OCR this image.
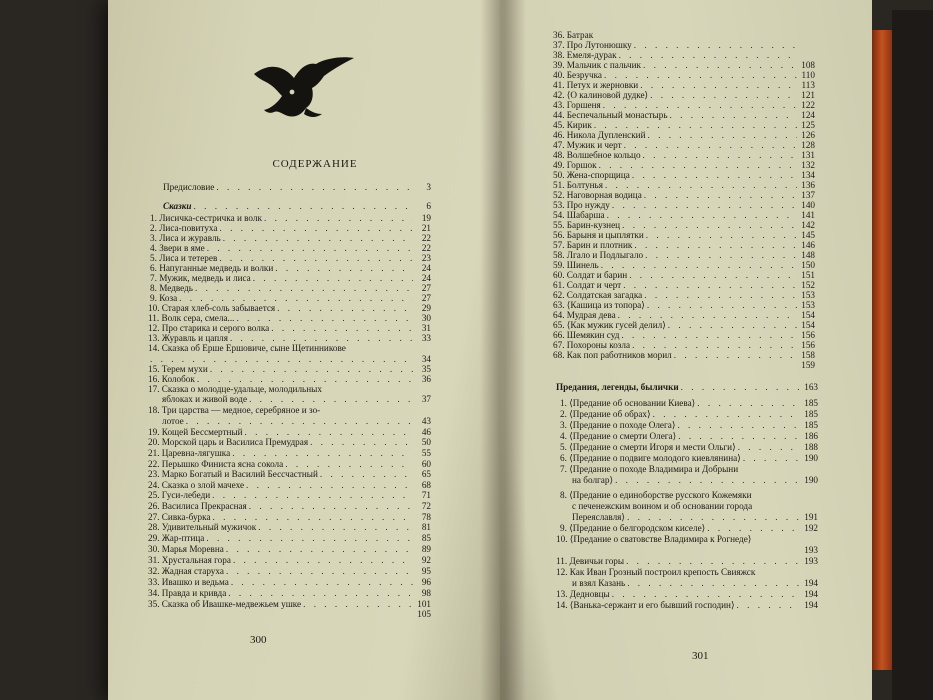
СОДЕРЖАНИЕ
Предисловие . . .	3
Сказки . . .	6
1. Лисичка-сестричка и волк . . .	19
2. Лиса-повитуха . . .	21
3. Лиса и журавль . . .	22
4. Звери в яме . . .	22
5. Лиса и тетерев . . .	23
6. Напуганные медведь и волки . . .	24
7. Мужик, медведь и лиса . . .	24
8. Медведь . . .	27
9. Коза . . .	27
10. Старая хлеб-соль забывается . . .	29
11. Волк сера, смела... . . .	30
12. Про старика и серого волка . . .	31
13. Журавль и цапля . . .	33
14. Сказка об Ерше Ершовиче, сыне Щетинникове
. . .
34
15. Терем мухи . . .	35
16. Колобок . . .	36
17. Сказка о молодце-удальце, молодильных
яблоках и живой воде . . .	37
18. Три царства — медное, серебряное и зо-
лотое . . .	43
19. Кощей Бессмертный . . .	46
20. Морской царь и Василиса Премудрая . . .	50
21. Царевна-лягушка . . .	55
22. Перышко Финиста ясна сокола . . .	60
23. Марко Богатый и Василий Бессчастный . . .	65
24. Сказка о злой мачехе . . .	68
25. Гуси-лебеди . . .	71
26. Василиса Прекрасная . . .	72
27. Сивка-бурка . . .	78
28. Удивительный мужичок . . .	81
29. Жар-птица . . .	85
30. Марья Моревна . . .	89
31. Хрустальная гора . . .	92
32. Жадная старуха . . .	95
33. Ивашко и ведьма . . .	96
34. Правда и кривда . . .	98
35. Сказка об Ивашке-медвежьем ушке . . .	101
105
36. Батрак
37. Про Лутонюшку
. . .
38. Емеля-дурак
. . .
39. Мальчик с пальчик . . .	108
40. Безручка . . .	110
41. Петух и жерновки . . .	113
42. ⟨О калиновой дудке⟩ . . .	121
43. Горшеня . . .	122
44. Беспечальный монастырь . . .	124
45. Кирик . . .	125
46. Никола Дупленский . . .	126
47. Мужик и черт . . .	128
48. Волшебное кольцо . . .	131
49. Горшок . . .	132
50. Жена-спорщица . . .	134
51. Болтунья . . .	136
52. Наговорная водица . . .	137
53. Про нужду . . .	140
54. Шабарша . . .	141
55. Барин-кузнец . . .	142
56. Барыня и цыплятки . . .	145
57. Барин и плотник . . .	146
58. Лгало и Подлыгало . . .	148
59. Шинель . . .	150
60. Солдат и барин . . .	151
61. Солдат и черт . . .	152
62. Солдатская загадка . . .	153
63. ⟨Кашица из топора⟩ . . .	153
64. Мудрая дева . . .	154
65. ⟨Как мужик гусей делил⟩ . . .	154
66. Шемякин суд . . .	156
67. Похороны козла . . .	156
68. Как поп работников морил . . .	158
159
Предания, легенды, былички . . .	163
1. ⟨Предание об основании Киева⟩ . . .	185
2. ⟨Предание об обрах⟩ . . .	185
3. ⟨Предание о походе Олега⟩ . . .	185
4. ⟨Предание о смерти Олега⟩ . . .	186
5. ⟨Предание о смерти Игоря и мести Ольги⟩ . . .	188
6. ⟨Предание о подвиге молодого киевлянина⟩ . . .	190
7. ⟨Предание о походе Владимира и Добрыни
на болгар⟩ . . .	190
8. ⟨Предание о единоборстве русского Кожемяки
с печенежским воином и об основании города
Переяславля⟩ . . .	191
9. ⟨Предание о белгородском киселе⟩ . . .	192
10. ⟨Предание о сватовстве Владимира к Рогнеде⟩
193
11. Девичьи горы . . .	193
12. Как Иван Грозный построил крепость Свияжск
и взял Казань . . .	194
13. Дедновцы . . .	194
14. ⟨Ванька-сержант и его бывший господин⟩ . . .	194
300
301
